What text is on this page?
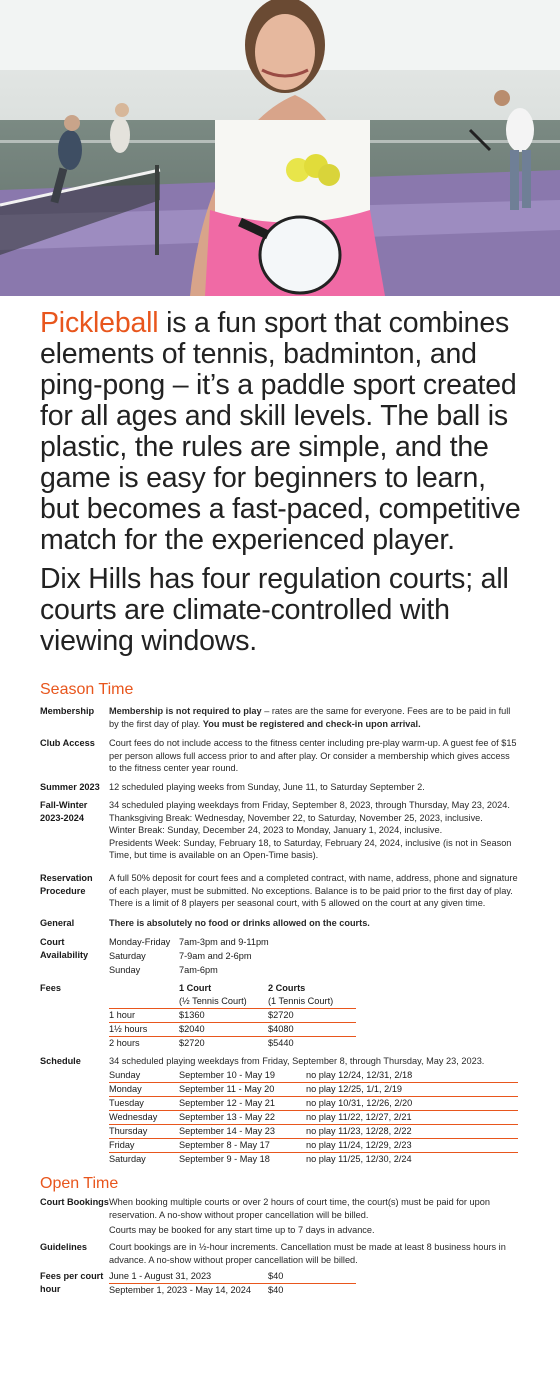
Pickleball is a fun sport that combines elements of tennis, badminton, and ping-pong – it’s a paddle sport created for all ages and skill levels. The ball is plastic, the rules are simple, and the game is easy for beginners to learn, but becomes a fast-paced, competitive match for the experienced player.

Dix Hills has four regulation courts; all courts are climate-controlled with viewing windows.

Season Time
Membership	Membership is not required to play – rates are the same for everyone. Fees are to be paid in full by the first day of play. You must be registered and check-in upon arrival.
Club Access	Court fees do not include access to the fitness center including pre-play warm-up. A guest fee of $15 per person allows full access prior to and after play. Or consider a membership which gives access to the fitness center year round.
Summer 2023	12 scheduled playing weeks from Sunday, June 11, to Saturday September 2.
Fall-Winter
2023-2024
34 scheduled playing weekdays from Friday, September 8, 2023, through Thursday, May 23, 2024.
Thanksgiving Break: Wednesday, November 22, to Saturday, November 25, 2023, inclusive.
Winter Break: Sunday, December 24, 2023 to Monday, January 1, 2024, inclusive.
Presidents Week: Sunday, February 18, to Saturday, February 24, 2024, inclusive (is not in Season Time, but time is available on an Open-Time basis).
Reservation
Procedure
A full 50% deposit for court fees and a completed contract, with name, address, phone and signature of each player, must be submitted. No exceptions. Balance is to be paid prior to the first day of play. There is a limit of 8 players per seasonal court, with 5 allowed on the court at any given time.
General	There is absolutely no food or drinks allowed on the courts.
Court
Availability
Monday-Friday 7am-3pm and 9-11pm
Saturday	7-9am and 2-6pm
Sunday	7am-6pm
Fees	1 Court	2 Courts
(½ Tennis Court) (1 Tennis Court)
1 hour	$1360	$2720
1½ hours	$2040	$4080
2 hours	$2720	$5440
Schedule	34 scheduled playing weekdays from Friday, September 8, through Thursday, May 23, 2023.
Sunday	September 10 - May 19	no play 12/24, 12/31, 2/18
Monday	September 11 - May 20	no play 12/25, 1/1, 2/19
Tuesday	September 12 - May 21	no play 10/31, 12/26, 2/20
Wednesday September 13 - May 22	no play 11/22, 12/27, 2/21
Thursday	September 14 - May 23	no play 11/23, 12/28, 2/22
Friday	September 8 - May 17	no play 11/24, 12/29, 2/23
Saturday	September 9 - May 18	no play 11/25, 12/30, 2/24
Open Time
Court Bookings When booking multiple courts or over 2 hours of court time, the court(s) must be paid for upon reservation. A no-show without proper cancellation will be billed.
Courts may be booked for any start time up to 7 days in advance.
Guidelines	Court bookings are in ½-hour increments. Cancellation must be made at least 8 business hours in advance. A no-show without proper cancellation will be billed.
Fees per court
hour
June 1 - August 31, 2023	$40
September 1, 2023 - May 14, 2024 $40
